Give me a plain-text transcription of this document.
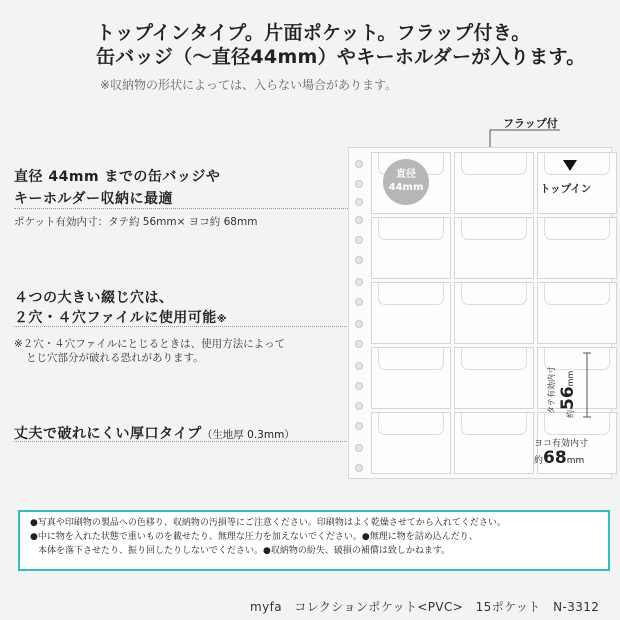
トップインタイプ。片面ポケット。フラップ付き。
缶バッジ（～直径44mm）やキーホルダーが入ります。
※収納物の形状によっては、入らない場合があります。
フラップ付
直径 44mm までの缶バッジや
キーホルダー収納に最適
ポケット有効内寸：タテ約 56mm× ヨコ約 68mm
４つの大きい綴じ穴は、
２穴・４穴ファイルに使用可能※
※２穴・４穴ファイルにとじるときは、使用方法によって
とじ穴部分が破れる恐れがあります。
丈夫で破れにくい厚口タイプ（生地厚 0.3mm）
直径
44mm	トップイン
タテ有効内寸	約56mm
ヨコ有効内寸
約68mm
●写真や印刷物の製品への色移り、収納物の汚損等にご注意ください。印刷物はよく乾燥させてから入れてください。
●中に物を入れた状態で重いものを載せたり、無理な圧力を加えないでください。●無理に物を詰め込んだり、
本体を落下させたり、振り回したりしないでください。●収納物の紛失、破損の補償は致しかねます。
myfa　コレクションポケット<PVC>　15ポケット　N-3312
